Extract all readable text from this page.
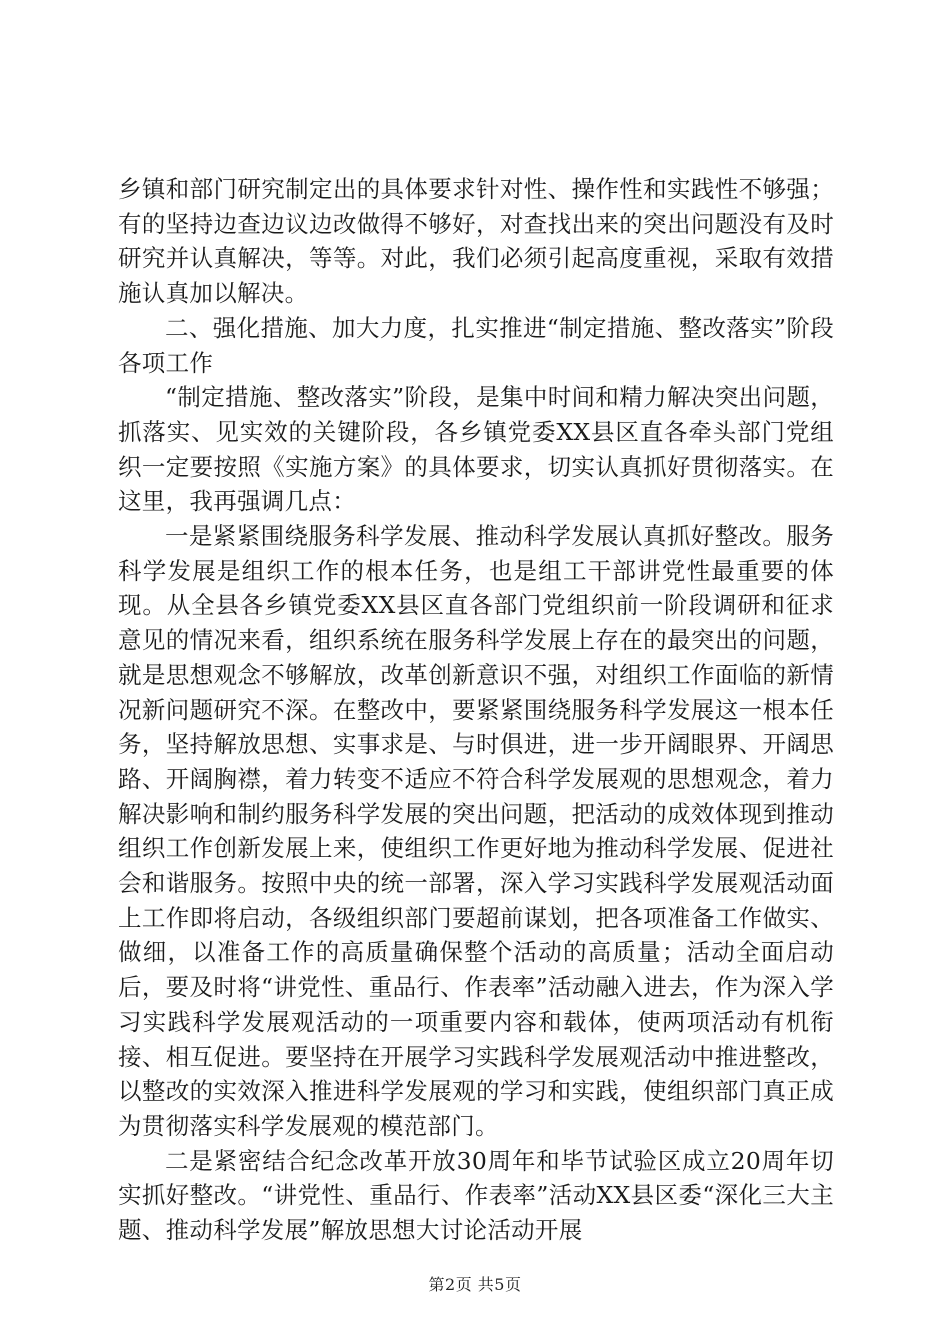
乡镇和部门研究制定出的具体要求针对性、操作性和实践性不够强；有的坚持边查边议边改做得不够好，对查找出来的突出问题没有及时研究并认真解决，等等。对此，我们必须引起高度重视，采取有效措施认真加以解决。

二、强化措施、加大力度，扎实推进“制定措施、整改落实”阶段各项工作

“制定措施、整改落实”阶段，是集中时间和精力解决突出问题，抓落实、见实效的关键阶段，各乡镇党委XX县区直各牵头部门党组织一定要按照《实施方案》的具体要求，切实认真抓好贯彻落实。在这里，我再强调几点：

一是紧紧围绕服务科学发展、推动科学发展认真抓好整改。服务科学发展是组织工作的根本任务，也是组工干部讲党性最重要的体现。从全县各乡镇党委XX县区直各部门党组织前一阶段调研和征求意见的情况来看，组织系统在服务科学发展上存在的最突出的问题，就是思想观念不够解放，改革创新意识不强，对组织工作面临的新情况新问题研究不深。在整改中，要紧紧围绕服务科学发展这一根本任务，坚持解放思想、实事求是、与时俱进，进一步开阔眼界、开阔思路、开阔胸襟，着力转变不适应不符合科学发展观的思想观念，着力解决影响和制约服务科学发展的突出问题，把活动的成效体现到推动组织工作创新发展上来，使组织工作更好地为推动科学发展、促进社会和谐服务。按照中央的统一部署，深入学习实践科学发展观活动面上工作即将启动，各级组织部门要超前谋划，把各项准备工作做实、做细，以准备工作的高质量确保整个活动的高质量；活动全面启动后，要及时将“讲党性、重品行、作表率”活动融入进去，作为深入学习实践科学发展观活动的一项重要内容和载体，使两项活动有机衔接、相互促进。要坚持在开展学习实践科学发展观活动中推进整改，以整改的实效深入推进科学发展观的学习和实践，使组织部门真正成为贯彻落实科学发展观的模范部门。

二是紧密结合纪念改革开放30周年和毕节试验区成立20周年切实抓好整改。“讲党性、重品行、作表率”活动XX县区委“深化三大主题、推动科学发展”解放思想大讨论活动开展

第2页 共5页
